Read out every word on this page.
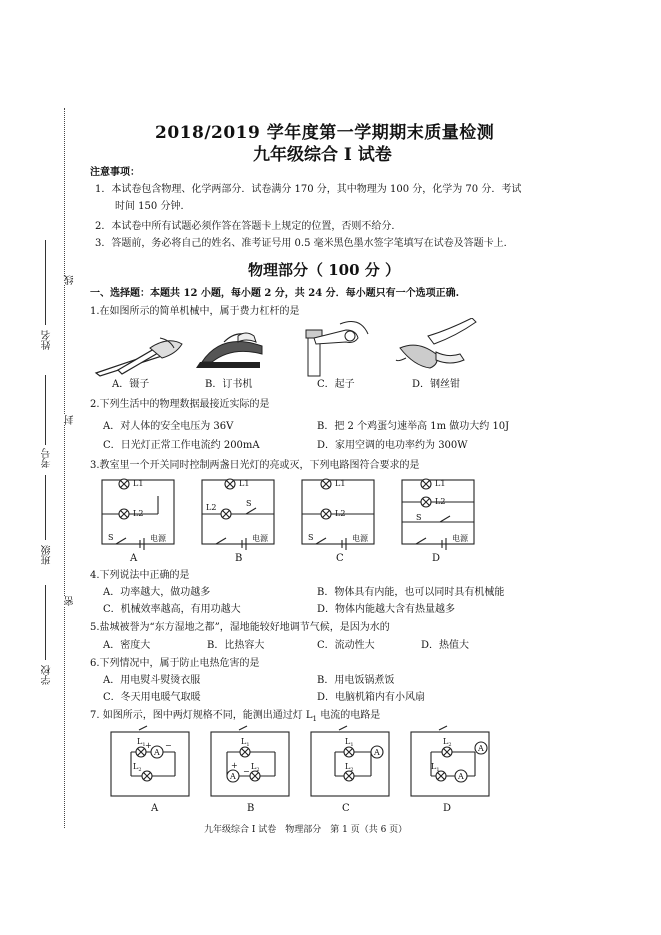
姓名
考号
班级
学校
线
封
密
2018/2019 学年度第一学期期末质量检测
九年级综合 I 试卷
注意事项：
1．本试卷包含物理、化学两部分．试卷满分 170 分，其中物理为 100 分，化学为 70 分．考试
时间 150 分钟．
2．本试卷中所有试题必须作答在答题卡上规定的位置，否则不给分．
3．答题前，务必将自己的姓名、准考证号用 0.5 毫米黑色墨水签字笔填写在试卷及答题卡上．
物理部分（ 100 分 ）
一、选择题：本题共 12 小题，每小题 2 分，共 24 分．每小题只有一个选项正确.
1.在如图所示的简单机械中，属于费力杠杆的是
A．镊子	B．订书机	C．起子	D．钢丝钳
2.下列生活中的物理数据最接近实际的是
A．对人体的安全电压为 36V	B．把 2 个鸡蛋匀速举高 1m 做功大约 10J
C．日光灯正常工作电流约 200mA	D．家用空调的电功率约为 300W
3.教室里一个开关同时控制两盏日光灯的亮或灭，下列电路图符合要求的是
L1
L2
S	电源
L1
L2	S
电源
L1
L2
S	电源
L1
L2
S
电源
A	B	C	D
4.下列说法中正确的是
A．功率越大，做功越多	B．物体具有内能，也可以同时具有机械能
C．机械效率越高，有用功越大	D．物体内能越大含有热量越多
5.盐城被誉为“东方湿地之都”，湿地能较好地调节气候，是因为水的
A．密度大	B．比热容大	C．流动性大	D．热值大
6.下列情况中，属于防止电热危害的是
A．用电熨斗熨烫衣服	B．用电饭锅煮饭
C．冬天用电暖气取暖	D．电脑机箱内有小风扇
7. 如图所示，图中两灯规格不同，能测出通过灯 $L_1$ 电流的电路是
$L_1$
A
$L_2$
+ −	$L_1$
A
$L_2$
+
−
$L_1$
$L_2$
A
$L_2$
$L_1$
A
A
A	B	C	D
九年级综合 I 试卷　物理部分　第 1 页（共 6 页）
